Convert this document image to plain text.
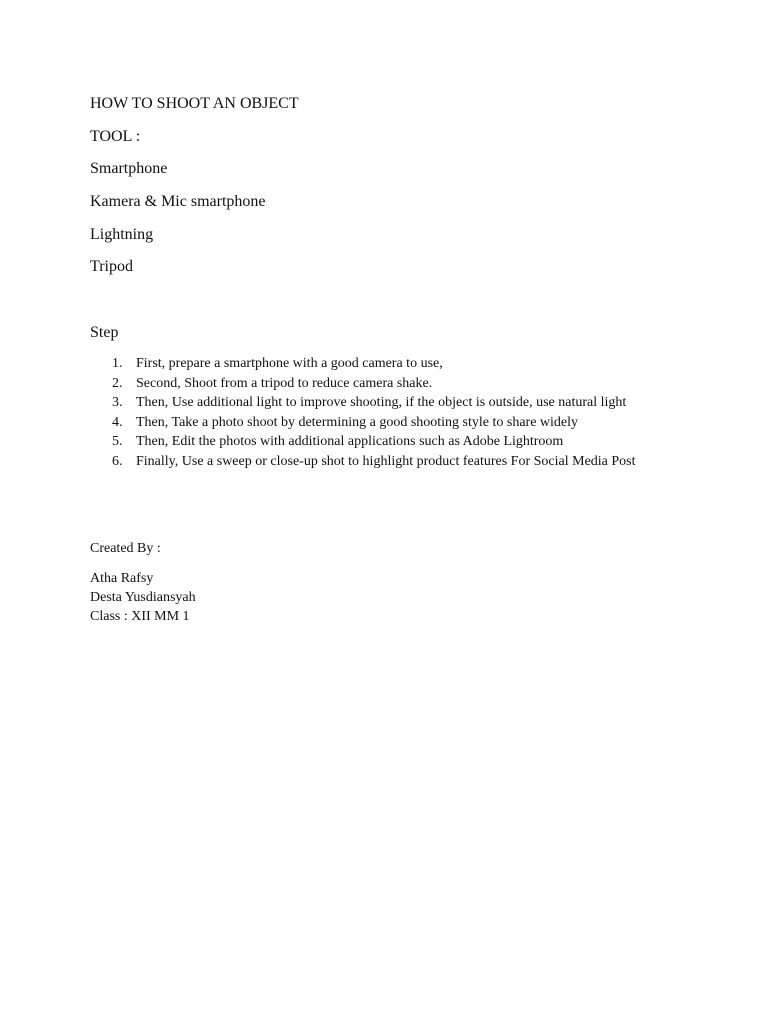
HOW TO SHOOT AN OBJECT
TOOL :
Smartphone
Kamera & Mic smartphone
Lightning
Tripod
Step
1. First, prepare a smartphone with a good camera to use,
2. Second, Shoot from a tripod to reduce camera shake.
3. Then, Use additional light to improve shooting, if the object is outside, use natural light
4. Then, Take a photo shoot by determining a good shooting style to share widely
5. Then, Edit the photos with additional applications such as Adobe Lightroom
6. Finally, Use a sweep or close-up shot to highlight product features For Social Media Post
Created By :
Atha Rafsy
Desta Yusdiansyah
Class : XII MM 1
